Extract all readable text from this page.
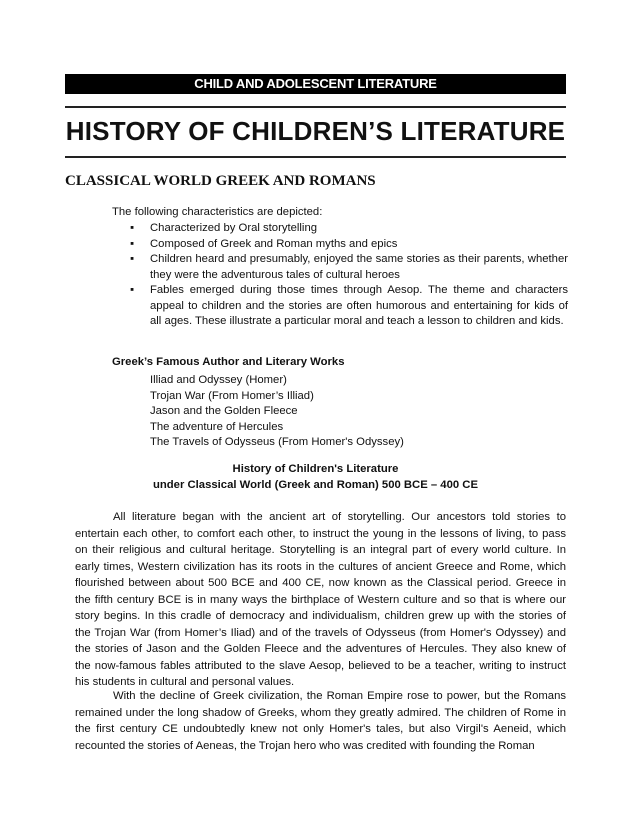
CHILD AND ADOLESCENT LITERATURE
HISTORY OF CHILDREN’S LITERATURE
CLASSICAL WORLD GREEK AND ROMANS
The following characteristics are depicted:
▪ Characterized by Oral storytelling
▪ Composed of Greek and Roman myths and epics
▪ Children heard and presumably, enjoyed the same stories as their parents, whether they were the adventurous tales of cultural heroes
▪ Fables emerged during those times through Aesop. The theme and characters appeal to children and the stories are often humorous and entertaining for kids of all ages. These illustrate a particular moral and teach a lesson to children and kids.
Greek’s Famous Author and Literary Works
Illiad and Odyssey (Homer)
Trojan War (From Homer’s Illiad)
Jason and the Golden Fleece
The adventure of Hercules
The Travels of Odysseus (From Homer's Odyssey)
History of Children's Literature
under Classical World (Greek and Roman) 500 BCE – 400 CE

All literature began with the ancient art of storytelling. Our ancestors told stories to entertain each other, to comfort each other, to instruct the young in the lessons of living, to pass on their religious and cultural heritage. Storytelling is an integral part of every world culture. In early times, Western civilization has its roots in the cultures of ancient Greece and Rome, which flourished between about 500 BCE and 400 CE, now known as the Classical period. Greece in the fifth century BCE is in many ways the birthplace of Western culture and so that is where our story begins. In this cradle of democracy and individualism, children grew up with the stories of the Trojan War (from Homer’s Iliad) and of the travels of Odysseus (from Homer's Odyssey) and the stories of Jason and the Golden Fleece and the adventures of Hercules. They also knew of the now-famous fables attributed to the slave Aesop, believed to be a teacher, writing to instruct his students in cultural and personal values.

With the decline of Greek civilization, the Roman Empire rose to power, but the Romans remained under the long shadow of Greeks, whom they greatly admired. The children of Rome in the first century CE undoubtedly knew not only Homer's tales, but also Virgil's Aeneid, which recounted the stories of Aeneas, the Trojan hero who was credited with founding the Roman
